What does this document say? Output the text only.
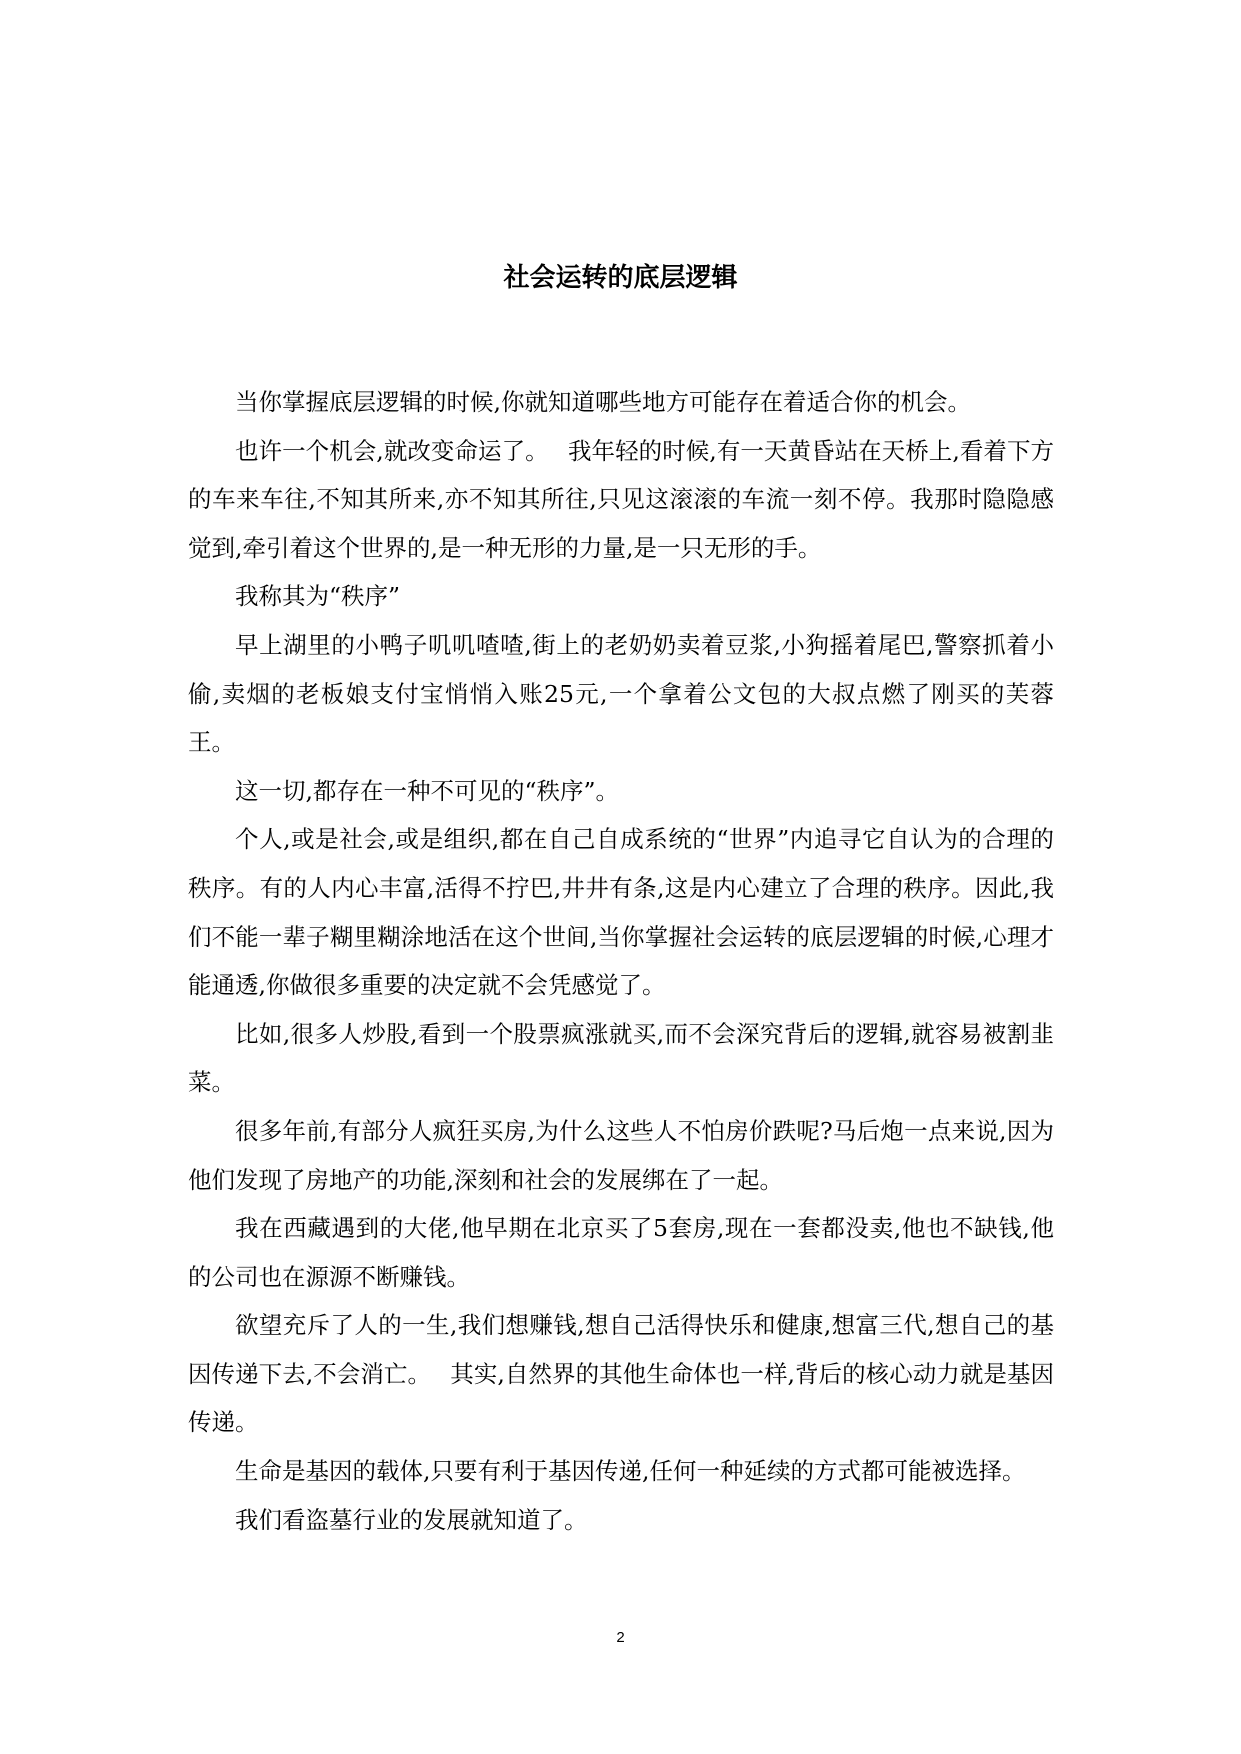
社会运转的底层逻辑

当你掌握底层逻辑的时候,你就知道哪些地方可能存在着适合你的机会。

也许一个机会,就改变命运了。　 我年轻的时候,有一天黄昏站在天桥上,看着下方的车来车往,不知其所来,亦不知其所往,只见这滚滚的车流一刻不停。我那时隐隐感觉到,牵引着这个世界的,是一种无形的力量,是一只无形的手。

我称其为“秩序”

早上湖里的小鸭子叽叽喳喳,街上的老奶奶卖着豆浆,小狗摇着尾巴,警察抓着小偷,卖烟的老板娘支付宝悄悄入账25元,一个拿着公文包的大叔点燃了刚买的芙蓉王。

这一切,都存在一种不可见的“秩序”。

个人,或是社会,或是组织,都在自己自成系统的“世界”内追寻它自认为的合理的秩序。有的人内心丰富,活得不拧巴,井井有条,这是内心建立了合理的秩序。因此,我们不能一辈子糊里糊涂地活在这个世间,当你掌握社会运转的底层逻辑的时候,心理才能通透,你做很多重要的决定就不会凭感觉了。

比如,很多人炒股,看到一个股票疯涨就买,而不会深究背后的逻辑,就容易被割韭菜。

很多年前,有部分人疯狂买房,为什么这些人不怕房价跌呢?马后炮一点来说,因为他们发现了房地产的功能,深刻和社会的发展绑在了一起。

我在西藏遇到的大佬,他早期在北京买了5套房,现在一套都没卖,他也不缺钱,他的公司也在源源不断赚钱。

欲望充斥了人的一生,我们想赚钱,想自己活得快乐和健康,想富三代,想自己的基因传递下去,不会消亡。　 其实,自然界的其他生命体也一样,背后的核心动力就是基因传递。

生命是基因的载体,只要有利于基因传递,任何一种延续的方式都可能被选择。

我们看盗墓行业的发展就知道了。

2
